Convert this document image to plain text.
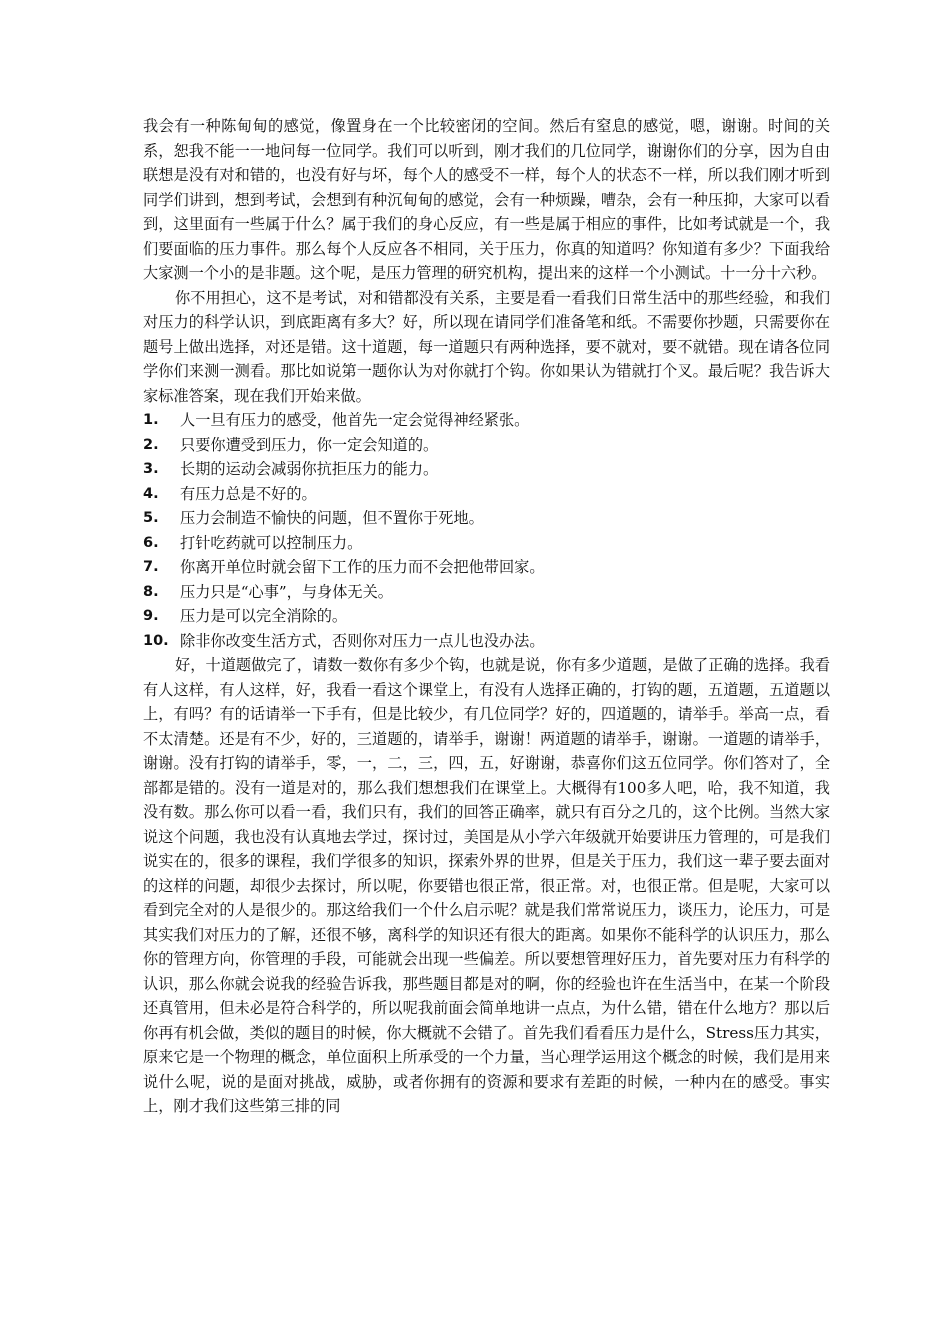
我会有一种陈甸甸的感觉，像置身在一个比较密闭的空间。然后有窒息的感觉，嗯，谢谢。时间的关系，恕我不能一一地问每一位同学。我们可以听到，刚才我们的几位同学，谢谢你们的分享，因为自由联想是没有对和错的，也没有好与坏，每个人的感受不一样，每个人的状态不一样，所以我们刚才听到同学们讲到，想到考试，会想到有种沉甸甸的感觉，会有一种烦躁，嘈杂，会有一种压抑，大家可以看到，这里面有一些属于什么？属于我们的身心反应，有一些是属于相应的事件，比如考试就是一个，我们要面临的压力事件。那么每个人反应各不相同，关于压力，你真的知道吗？你知道有多少？下面我给大家测一个小的是非题。这个呢，是压力管理的研究机构，提出来的这样一个小测试。十一分十六秒。

你不用担心，这不是考试，对和错都没有关系，主要是看一看我们日常生活中的那些经验，和我们对压力的科学认识，到底距离有多大？好，所以现在请同学们准备笔和纸。不需要你抄题，只需要你在题号上做出选择，对还是错。这十道题，每一道题只有两种选择，要不就对，要不就错。现在请各位同学你们来测一测看。那比如说第一题你认为对你就打个钩。你如果认为错就打个叉。最后呢？我告诉大家标准答案，现在我们开始来做。

1.	人一旦有压力的感受，他首先一定会觉得神经紧张。
2.	只要你遭受到压力，你一定会知道的。
3.	长期的运动会减弱你抗拒压力的能力。
4.	有压力总是不好的。
5.	压力会制造不愉快的问题，但不置你于死地。
6.	打针吃药就可以控制压力。
7.	你离开单位时就会留下工作的压力而不会把他带回家。
8.	压力只是“心事”，与身体无关。
9.	压力是可以完全消除的。
10. 除非你改变生活方式，否则你对压力一点儿也没办法。

好，十道题做完了，请数一数你有多少个钩，也就是说，你有多少道题，是做了正确的选择。我看有人这样，有人这样，好，我看一看这个课堂上，有没有人选择正确的，打钩的题，五道题，五道题以上，有吗？有的话请举一下手有，但是比较少，有几位同学？好的，四道题的，请举手。举高一点，看不太清楚。还是有不少，好的，三道题的，请举手，谢谢！两道题的请举手，谢谢。一道题的请举手，谢谢。没有打钩的请举手，零，一，二，三，四，五，好谢谢，恭喜你们这五位同学。你们答对了，全部都是错的。没有一道是对的，那么我们想想我们在课堂上。大概得有100多人吧，哈，我不知道，我没有数。那么你可以看一看，我们只有，我们的回答正确率，就只有百分之几的，这个比例。当然大家说这个问题，我也没有认真地去学过，探讨过，美国是从小学六年级就开始要讲压力管理的，可是我们说实在的，很多的课程，我们学很多的知识，探索外界的世界，但是关于压力，我们这一辈子要去面对的这样的问题，却很少去探讨，所以呢，你要错也很正常，很正常。对，也很正常。但是呢，大家可以看到完全对的人是很少的。那这给我们一个什么启示呢？就是我们常常说压力，谈压力，论压力，可是其实我们对压力的了解，还很不够，离科学的知识还有很大的距离。如果你不能科学的认识压力，那么你的管理方向，你管理的手段，可能就会出现一些偏差。所以要想管理好压力，首先要对压力有科学的认识，那么你就会说我的经验告诉我，那些题目都是对的啊，你的经验也许在生活当中，在某一个阶段还真管用，但未必是符合科学的，所以呢我前面会简单地讲一点点，为什么错，错在什么地方？那以后你再有机会做，类似的题目的时候，你大概就不会错了。首先我们看看压力是什么，Stress压力其实，原来它是一个物理的概念，单位面积上所承受的一个力量，当心理学运用这个概念的时候，我们是用来说什么呢，说的是面对挑战，威胁，或者你拥有的资源和要求有差距的时候，一种内在的感受。事实上，刚才我们这些第三排的同
